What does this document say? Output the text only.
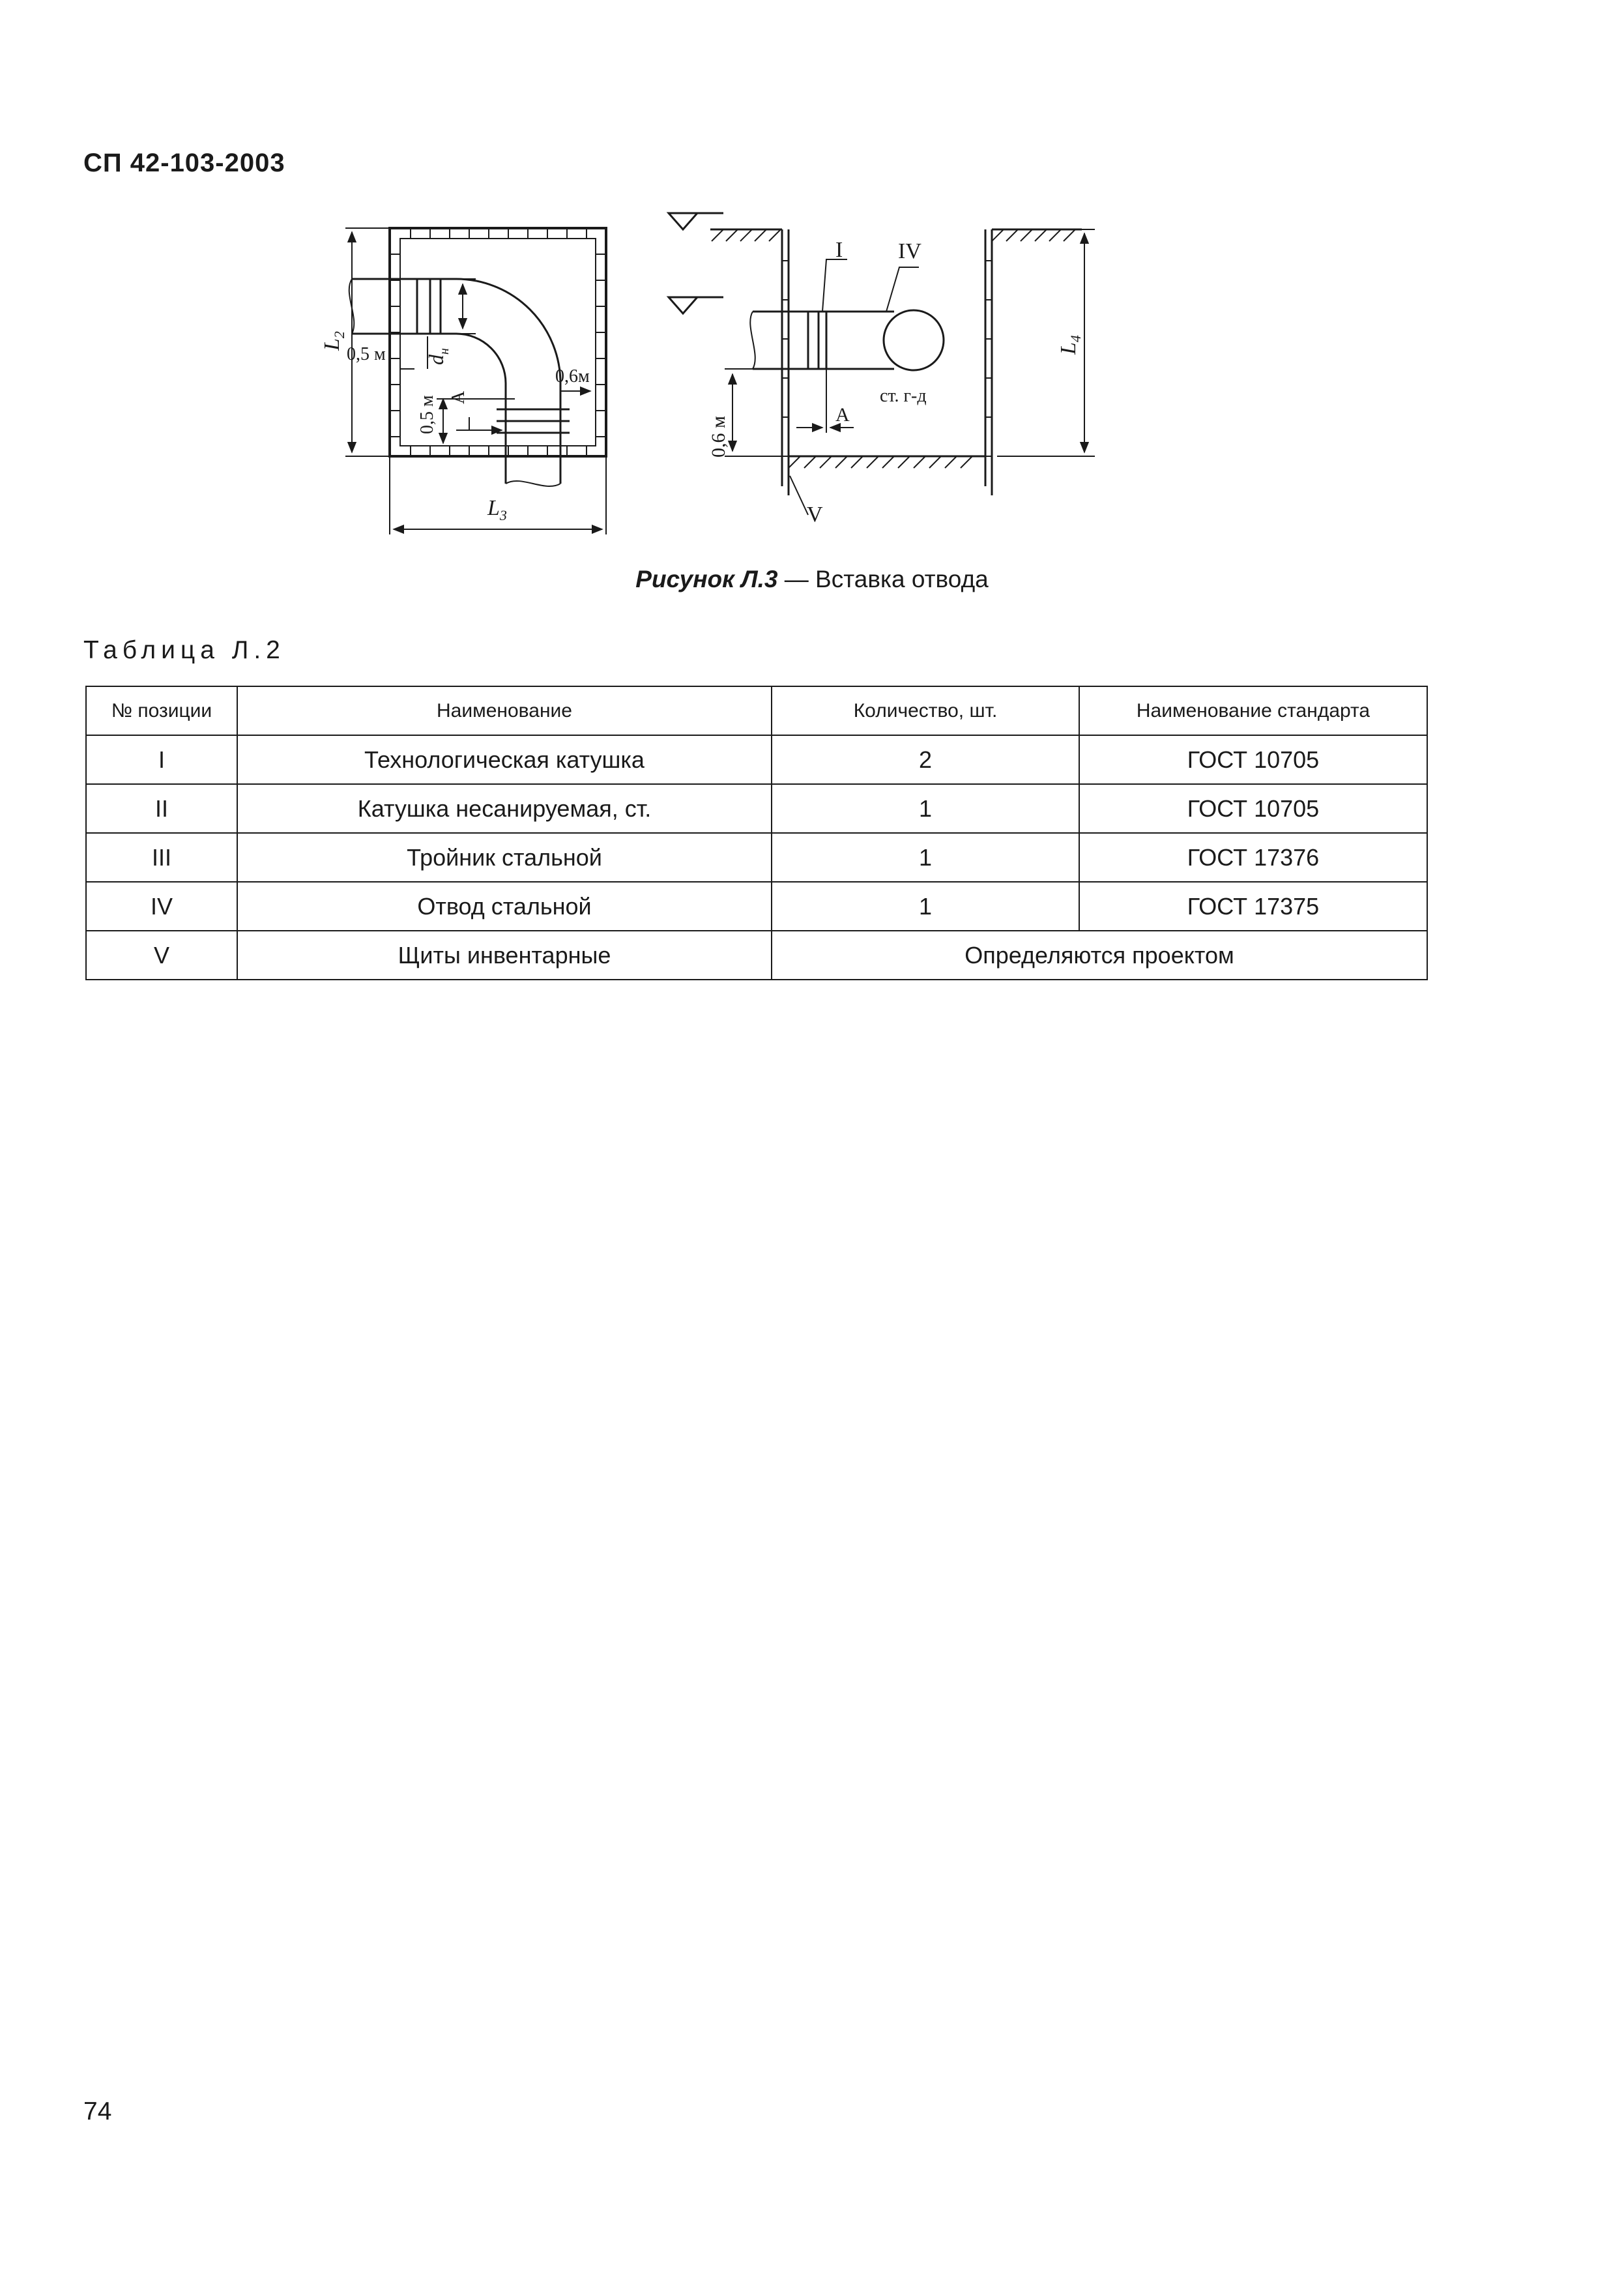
СП 42-103-2003
$L_2$
$L_3$
0,5 м $d_н$
0,5 м А
0,6м
I IV
ст. г-д
А
0,6 м
V
$L_4$
Рисунок Л.3 — Вставка отвода
Таблица Л.2
№ позиции	Наименование	Количество, шт.	Наименование стандарта
I	Технологическая катушка	2	ГОСТ 10705
II	Катушка несанируемая, ст.	1	ГОСТ 10705
III	Тройник стальной	1	ГОСТ 17376
IV	Отвод стальной	1	ГОСТ 17375
V	Щиты инвентарные	Определяются проектом	
74
